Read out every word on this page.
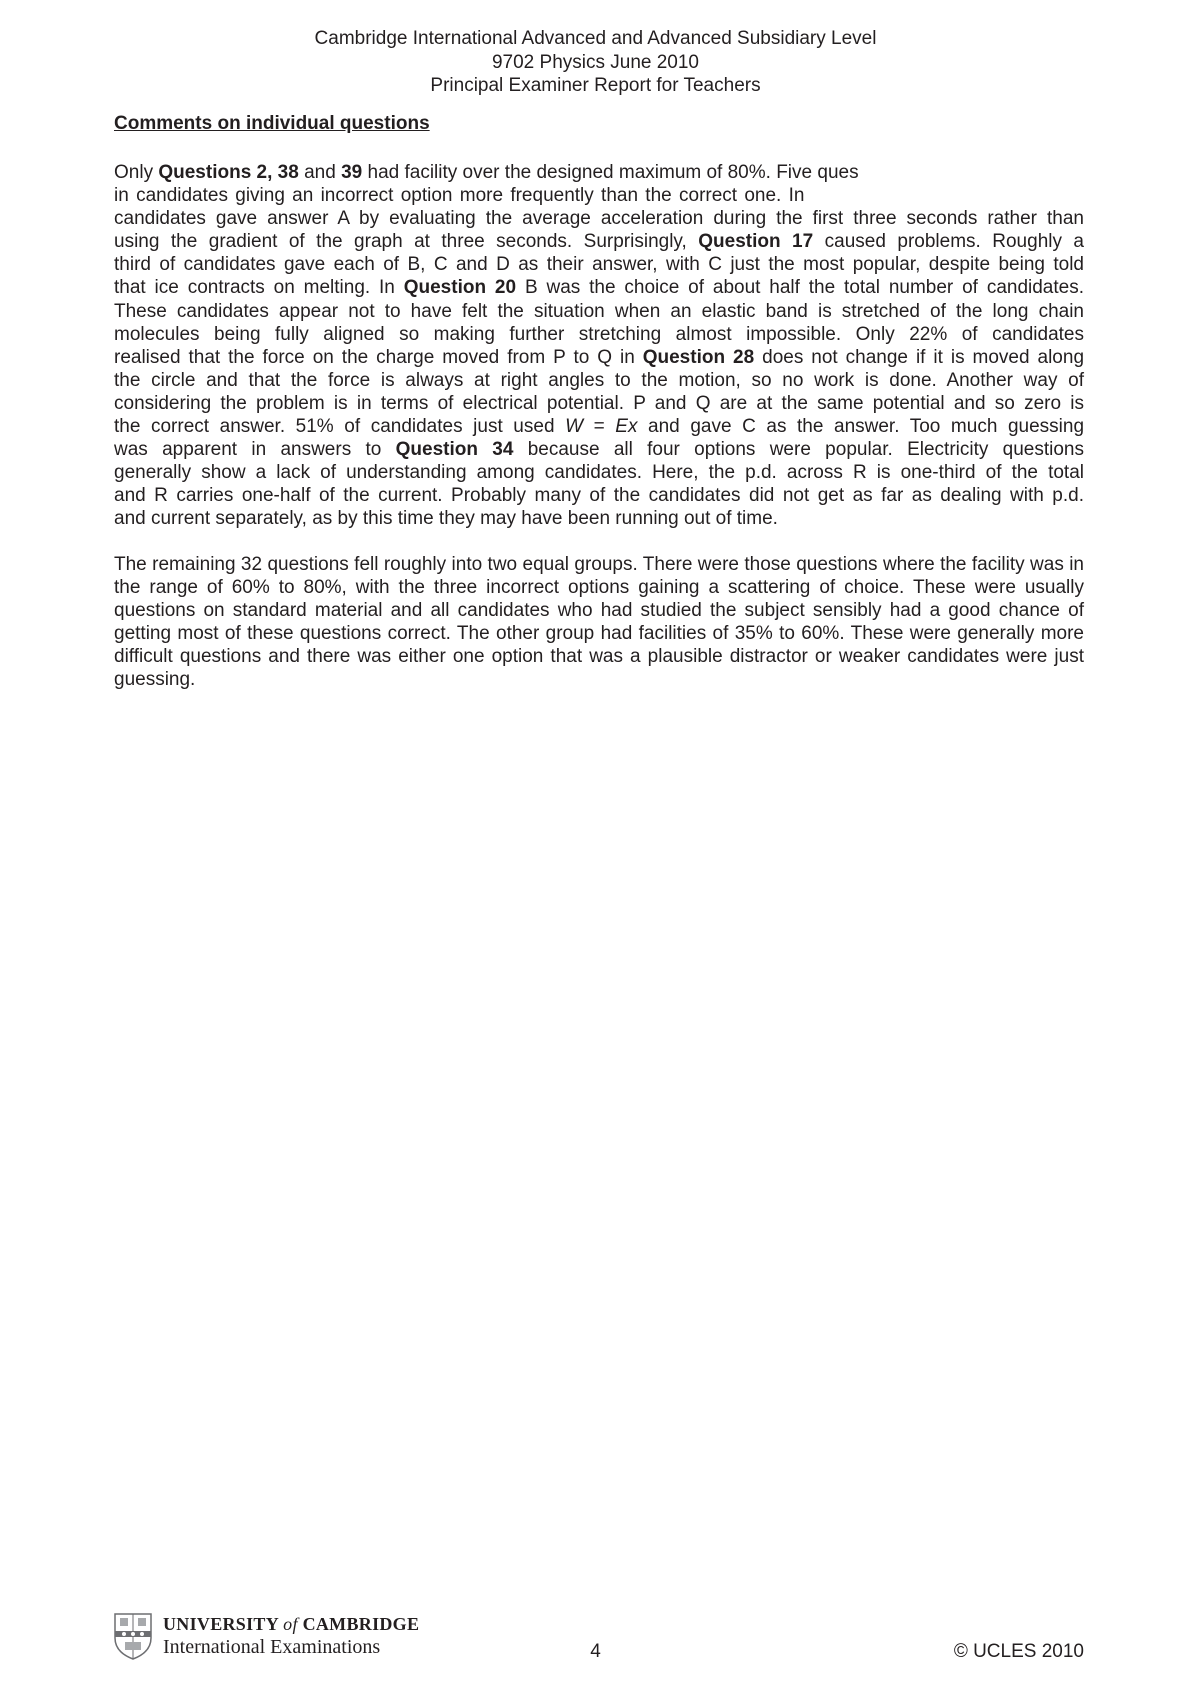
Cambridge International Advanced and Advanced Subsidiary Level
9702 Physics June 2010
Principal Examiner Report for Teachers
Comments on individual questions
Only Questions 2, 38 and 39 had facility over the designed maximum of 80%. Five ques
in candidates giving an incorrect option more frequently than the correct one. In
candidates gave answer A by evaluating the average acceleration during the first three seconds rather than
using the gradient of the graph at three seconds. Surprisingly, Question 17 caused problems. Roughly a
third of candidates gave each of B, C and D as their answer, with C just the most popular, despite being told
that ice contracts on melting. In Question 20 B was the choice of about half the total number of candidates.
These candidates appear not to have felt the situation when an elastic band is stretched of the long chain
molecules being fully aligned so making further stretching almost impossible. Only 22% of candidates
realised that the force on the charge moved from P to Q in Question 28 does not change if it is moved along
the circle and that the force is always at right angles to the motion, so no work is done. Another way of
considering the problem is in terms of electrical potential. P and Q are at the same potential and so zero is
the correct answer. 51% of candidates just used W = Ex and gave C as the answer. Too much guessing
was apparent in answers to Question 34 because all four options were popular. Electricity questions
generally show a lack of understanding among candidates. Here, the p.d. across R is one-third of the total
and R carries one-half of the current. Probably many of the candidates did not get as far as dealing with p.d.
and current separately, as by this time they may have been running out of time.

The remaining 32 questions fell roughly into two equal groups. There were those questions where the facility was in the range of 60% to 80%, with the three incorrect options gaining a scattering of choice. These were usually questions on standard material and all candidates who had studied the subject sensibly had a good chance of getting most of these questions correct. The other group had facilities of 35% to 60%. These were generally more difficult questions and there was either one option that was a plausible distractor or weaker candidates were just guessing.

UNIVERSITY of CAMBRIDGE
International Examinations	4	© UCLES 2010
